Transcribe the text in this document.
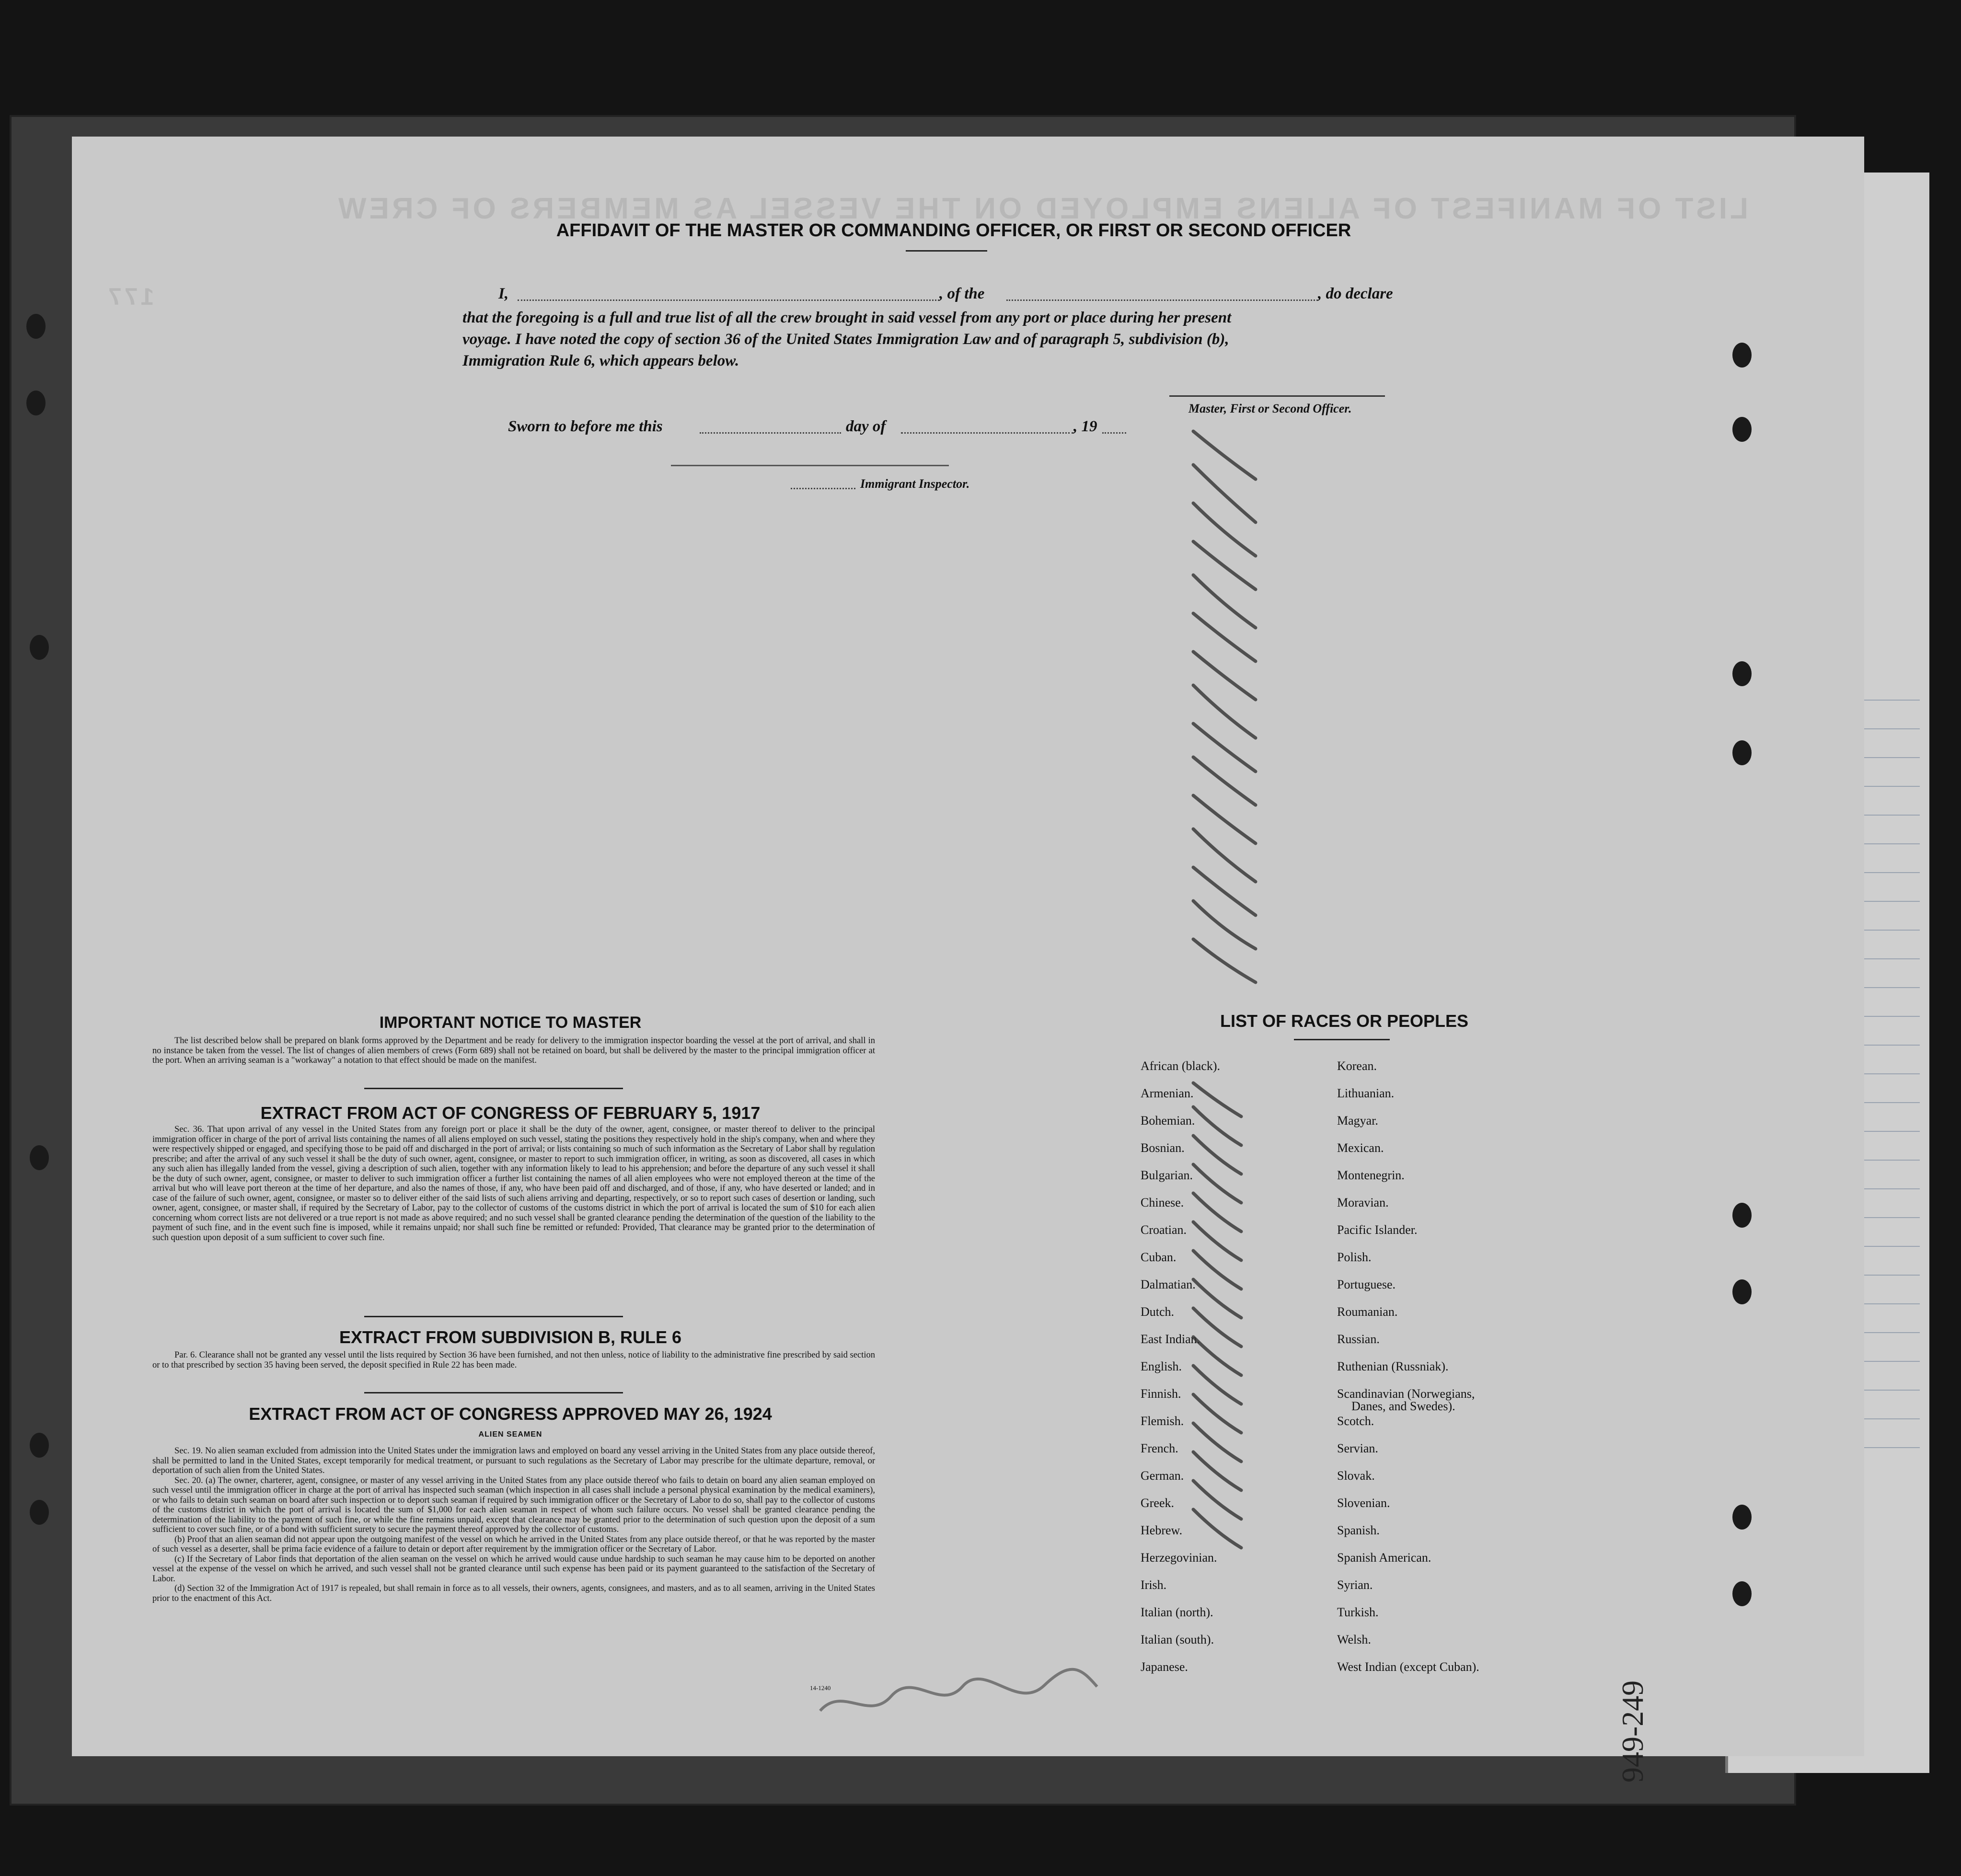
LIST OF MANIFEST OF ALIENS EMPLOYED ON THE VESSEL AS MEMBERS OF CREW
177
AFFIDAVIT OF THE MASTER OR COMMANDING OFFICER, OR FIRST OR SECOND OFFICER
I,	, of the	, do declare
that the foregoing is a full and true list of all the crew brought in said vessel from any port or place during her present
voyage. I have noted the copy of section 36 of the United States Immigration Law and of paragraph 5, subdivision (b),
Immigration Rule 6, which appears below.
Master, First or Second Officer.
Sworn to before me this	day of	, 19
Immigrant Inspector.
IMPORTANT NOTICE TO MASTER

The list described below shall be prepared on blank forms approved by the Department and be ready for delivery to the immigration inspector boarding the vessel at the port of arrival, and shall in no instance be taken from the vessel. The list of changes of alien members of crews (Form 689) shall not be retained on board, but shall be delivered by the master to the principal immigration officer at the port. When an arriving seaman is a "workaway" a notation to that effect should be made on the manifest.

EXTRACT FROM ACT OF CONGRESS OF FEBRUARY 5, 1917

Sec. 36. That upon arrival of any vessel in the United States from any foreign port or place it shall be the duty of the owner, agent, consignee, or master thereof to deliver to the principal immigration officer in charge of the port of arrival lists containing the names of all aliens employed on such vessel, stating the positions they respectively hold in the ship's company, when and where they were respectively shipped or engaged, and specifying those to be paid off and discharged in the port of arrival; or lists containing so much of such information as the Secretary of Labor shall by regulation prescribe; and after the arrival of any such vessel it shall be the duty of such owner, agent, consignee, or master to report to such immigration officer, in writing, as soon as discovered, all cases in which any such alien has illegally landed from the vessel, giving a description of such alien, together with any information likely to lead to his apprehension; and before the departure of any such vessel it shall be the duty of such owner, agent, consignee, or master to deliver to such immigration officer a further list containing the names of all alien employees who were not employed thereon at the time of the arrival but who will leave port thereon at the time of her departure, and also the names of those, if any, who have been paid off and discharged, and of those, if any, who have deserted or landed; and in case of the failure of such owner, agent, consignee, or master so to deliver either of the said lists of such aliens arriving and departing, respectively, or so to report such cases of desertion or landing, such owner, agent, consignee, or master shall, if required by the Secretary of Labor, pay to the collector of customs of the customs district in which the port of arrival is located the sum of $10 for each alien concerning whom correct lists are not delivered or a true report is not made as above required; and no such vessel shall be granted clearance pending the determination of the question of the liability to the payment of such fine, and in the event such fine is imposed, while it remains unpaid; nor shall such fine be remitted or refunded: Provided, That clearance may be granted prior to the determination of such question upon deposit of a sum sufficient to cover such fine.

EXTRACT FROM SUBDIVISION B, RULE 6

Par. 6. Clearance shall not be granted any vessel until the lists required by Section 36 have been furnished, and not then unless, notice of liability to the administrative fine prescribed by said section or to that prescribed by section 35 having been served, the deposit specified in Rule 22 has been made.

EXTRACT FROM ACT OF CONGRESS APPROVED MAY 26, 1924
ALIEN SEAMEN

Sec. 19. No alien seaman excluded from admission into the United States under the immigration laws and employed on board any vessel arriving in the United States from any place outside thereof, shall be permitted to land in the United States, except temporarily for medical treatment, or pursuant to such regulations as the Secretary of Labor may prescribe for the ultimate departure, removal, or deportation of such alien from the United States.

Sec. 20. (a) The owner, charterer, agent, consignee, or master of any vessel arriving in the United States from any place outside thereof who fails to detain on board any alien seaman employed on such vessel until the immigration officer in charge at the port of arrival has inspected such seaman (which inspection in all cases shall include a personal physical examination by the medical examiners), or who fails to detain such seaman on board after such inspection or to deport such seaman if required by such immigration officer or the Secretary of Labor to do so, shall pay to the collector of customs of the customs district in which the port of arrival is located the sum of $1,000 for each alien seaman in respect of whom such failure occurs. No vessel shall be granted clearance pending the determination of the liability to the payment of such fine, or while the fine remains unpaid, except that clearance may be granted prior to the determination of such question upon the deposit of a sum sufficient to cover such fine, or of a bond with sufficient surety to secure the payment thereof approved by the collector of customs.

(b) Proof that an alien seaman did not appear upon the outgoing manifest of the vessel on which he arrived in the United States from any place outside thereof, or that he was reported by the master of such vessel as a deserter, shall be prima facie evidence of a failure to detain or deport after requirement by the immigration officer or the Secretary of Labor.

(c) If the Secretary of Labor finds that deportation of the alien seaman on the vessel on which he arrived would cause undue hardship to such seaman he may cause him to be deported on another vessel at the expense of the vessel on which he arrived, and such vessel shall not be granted clearance until such expense has been paid or its payment guaranteed to the satisfaction of the Secretary of Labor.

(d) Section 32 of the Immigration Act of 1917 is repealed, but shall remain in force as to all vessels, their owners, agents, consignees, and masters, and as to all seamen, arriving in the United States prior to the enactment of this Act.

14-1240
LIST OF RACES OR PEOPLES
African (black).
Armenian.
Bohemian.
Bosnian.
Bulgarian.
Chinese.
Croatian.
Cuban.
Dalmatian.
Dutch.
East Indian.
English.
Finnish.
Flemish.
French.
German.
Greek.
Hebrew.
Herzegovinian.
Irish.
Italian (north).
Italian (south).
Japanese.
Korean.
Lithuanian.
Magyar.
Mexican.
Montenegrin.
Moravian.
Pacific Islander.
Polish.
Portuguese.
Roumanian.
Russian.
Ruthenian (Russniak).
Scandinavian (Norwegians,
Danes, and Swedes).
Scotch.
Servian.
Slovak.
Slovenian.
Spanish.
Spanish American.
Syrian.
Turkish.
Welsh.
West Indian (except Cuban).
949-249
